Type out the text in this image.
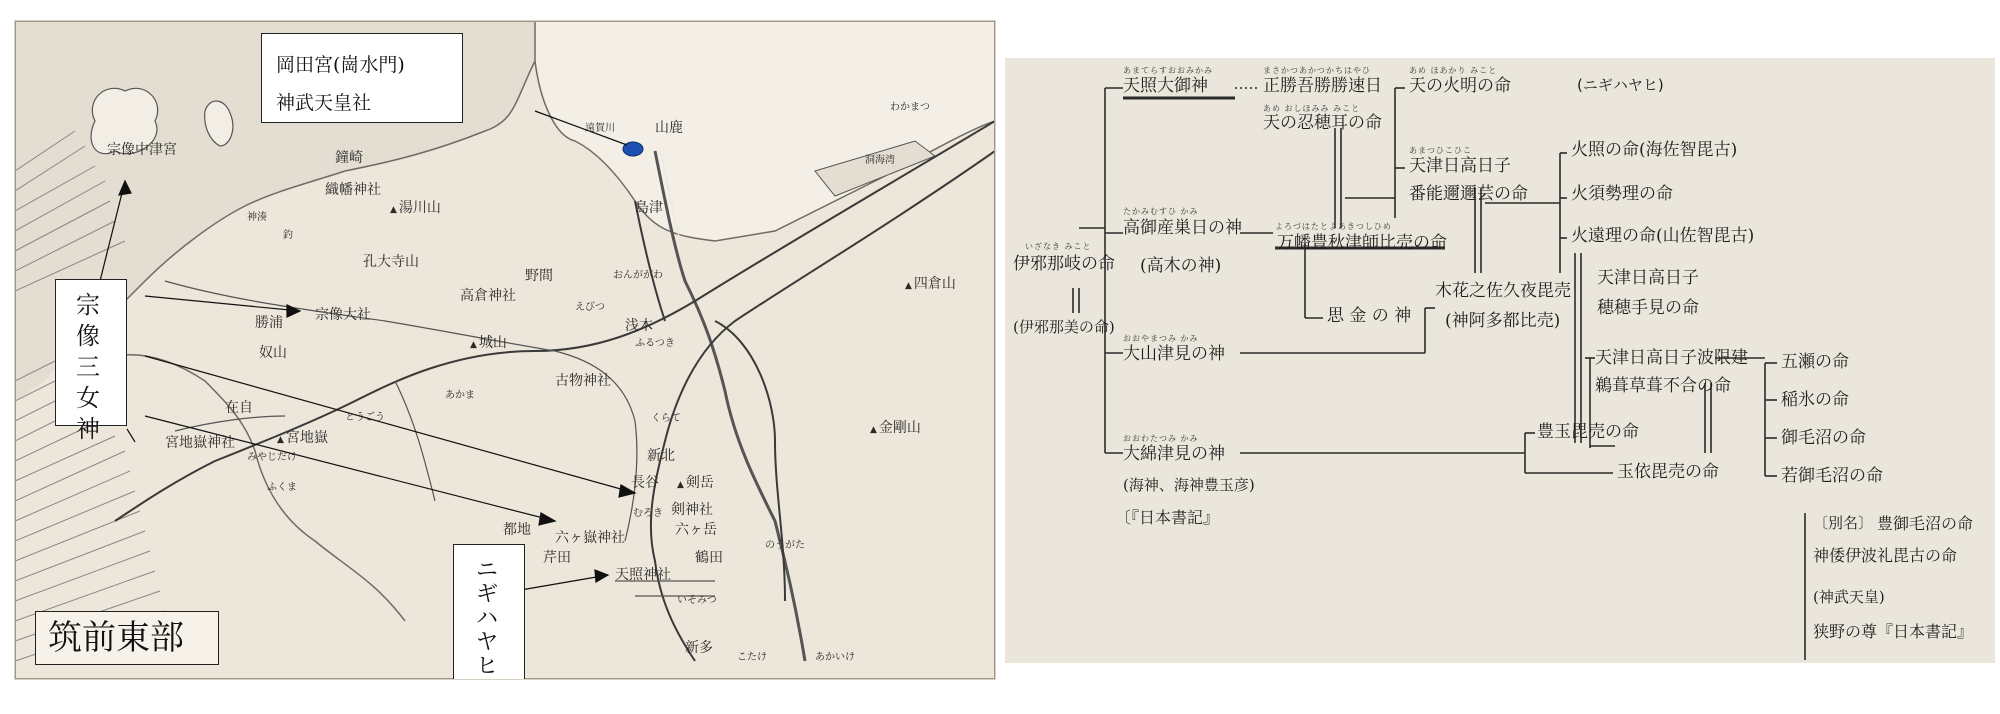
宗像中津宮	鐘崎
織幡神社
▲ 湯川山
神湊
釣
孔大寺山
宗像大社
勝浦
奴山
野間
高倉神社
▲ 城山
えびつ
おんががわ
山鹿
遠賀川
島津
浅木
ふるつき
古物神社
あかま
とうごう
在自
宮地嶽神社	▲ 宮地嶽
みやじだけ
ふくま
くらて
新北
長谷	▲ 剣岳
剣神社
六ヶ岳
六ヶ嶽神社
むろき
都地
芹田	鶴田
のうがた
天照神社
いそみつ
新多
こたけ	あかいけ
▲ 四倉山
▲ 金剛山
わかまつ
洞海湾
岡田宮(崗水門)
神武天皇社
宗像三女神
ニギハヤヒ
筑前東部
あまてらすおおみかみ	まさかつあかつかちはやひ
あめ おしほみみ みこと
あめ ほあかり みこと
たかみむすひ かみ
よろづはたとよあきつしひめ
あまつひこひこ
いざなき みこと
おおやまつみ かみ
おおわたつみ かみ
〔『日本書記』
(ニギハヤヒ)
伊邪那岐の命
(伊邪那美の命)
天照大御神	正勝吾勝勝速日
天の忍穂耳の命
天の火明の命
高御産巣日の神
(高木の神)
万幡豊秋津師比売の命
思 金 の 神
天津日高日子
番能邇邇芸の命
火照の命(海佐智毘古)
火須勢理の命
火遠理の命(山佐智毘古)
天津日高日子
穂穂手見の命
木花之佐久夜毘売
(神阿多都比売)
大山津見の神	天津日高日子波限建
鵜葺草葺不合の命
五瀬の命
稲氷の命
御毛沼の命
若御毛沼の命
豊玉毘売の命
玉依毘売の命
大綿津見の神
(海神、海神豊玉彦)
〔別名〕 豊御毛沼の命
神倭伊波礼毘古の命
(神武天皇)
狭野の尊『日本書記』
